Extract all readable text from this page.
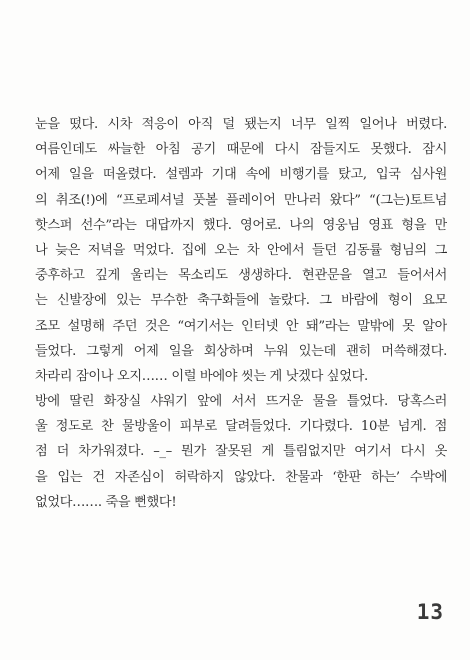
눈을 떴다. 시차 적응이 아직 덜 됐는지 너무 일찍 일어나 버렸다.
여름인데도 싸늘한 아침 공기 때문에 다시 잠들지도 못했다. 잠시
어제 일을 떠올렸다. 설렘과 기대 속에 비행기를 탔고, 입국 심사원
의 취조(!)에 “프로페셔널 풋볼 플레이어 만나러 왔다” “(그는)토트넘
핫스퍼 선수”라는 대답까지 했다. 영어로. 나의 영웅님 영표 형을 만
나 늦은 저녁을 먹었다. 집에 오는 차 안에서 들던 김동률 형님의 그
중후하고 깊게 울리는 목소리도 생생하다. 현관문을 열고 들어서서
는 신발장에 있는 무수한 축구화들에 놀랐다. 그 바람에 형이 요모
조모 설명해 주던 것은 “여기서는 인터넷 안 돼”라는 말밖에 못 알아
들었다. 그렇게 어제 일을 회상하며 누워 있는데 괜히 머쓱해졌다.
차라리 잠이나 오지…… 이럴 바에야 씻는 게 낫겠다 싶었다.
방에 딸린 화장실 샤워기 앞에 서서 뜨거운 물을 틀었다. 당혹스러
울 정도로 찬 물방울이 피부로 달려들었다. 기다렸다. 10분 넘게. 점
점 더 차가워졌다. –_– 뭔가 잘못된 게 틀림없지만 여기서 다시 옷
을 입는 건 자존심이 허락하지 않았다. 찬물과 ‘한판 하는’ 수박에
없었다……. 죽을 뻔했다!
13
